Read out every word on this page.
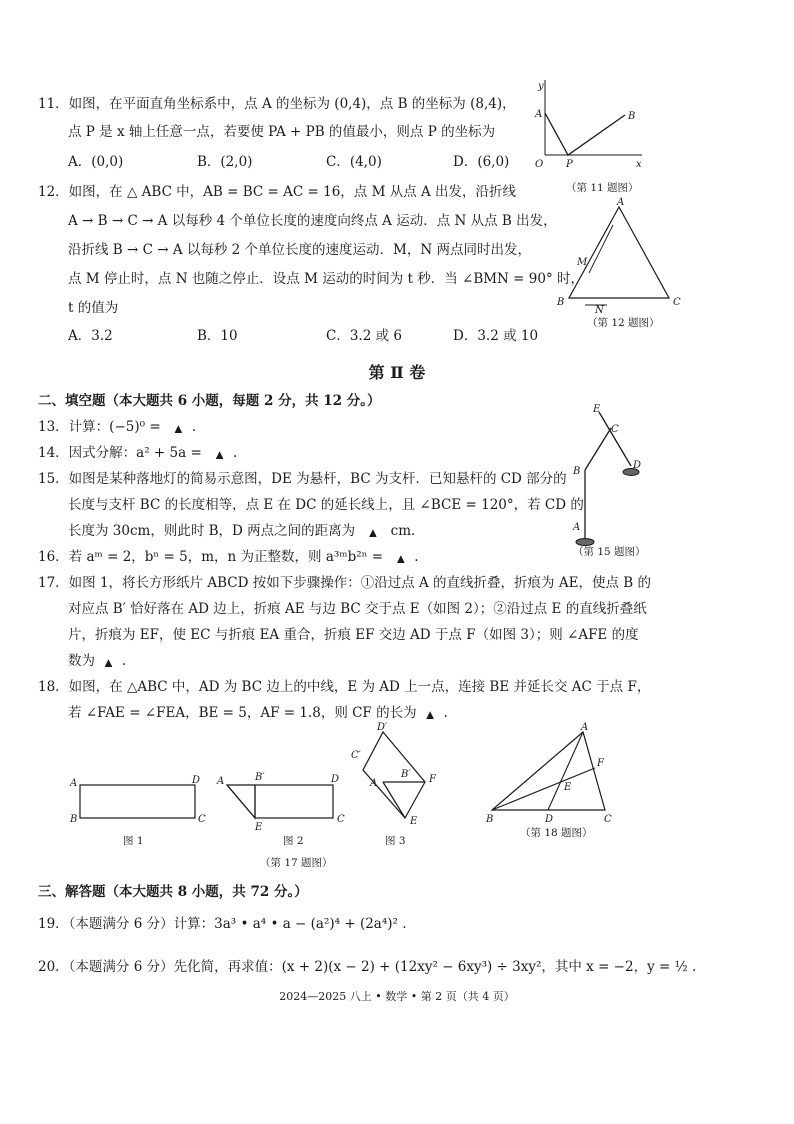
11．如图，在平面直角坐标系中，点 A 的坐标为 (0,4)，点 B 的坐标为 (8,4)，
点 P 是 x 轴上任意一点，若要使 PA + PB 的值最小，则点 P 的坐标为
A．(0,0)	B．(2,0)	C．(4,0)	D．(6,0)
y
A	B
O P	x
（第 11 题图）
12．如图，在 △ ABC 中，AB = BC = AC = 16，点 M 从点 A 出发，沿折线
A → B → C → A 以每秒 4 个单位长度的速度向终点 A 运动．点 N 从点 B 出发，
沿折线 B → C → A 以每秒 2 个单位长度的速度运动．M，N 两点同时出发，
点 M 停止时，点 N 也随之停止．设点 M 运动的时间为 t 秒．当 ∠BMN = 90° 时，
t 的值为
A．3.2	B．10	C．3.2 或 6	D．3.2 或 10
A
M
B
N
C
（第 12 题图）
第 Ⅱ 卷
二、填空题（本大题共 6 小题，每题 2 分，共 12 分。）
13．计算：(−5)⁰ = ▲ .
14．因式分解：a² + 5a = ▲ .
15．如图是某种落地灯的简易示意图，DE 为悬杆，BC 为支杆．已知悬杆的 CD 部分的
长度与支杆 BC 的长度相等，点 E 在 DC 的延长线上，且 ∠BCE = 120°，若 CD 的
长度为 30cm，则此时 B，D 两点之间的距离为 ▲ cm．
E
C
B
D
A
（第 15 题图）
16．若 aᵐ = 2，bⁿ = 5，m，n 为正整数，则 a³ᵐb²ⁿ = ▲ .
17．如图 1，将长方形纸片 ABCD 按如下步骤操作：①沿过点 A 的直线折叠，折痕为 AE，使点 B 的
对应点 B′ 恰好落在 AD 边上，折痕 AE 与边 BC 交于点 E（如图 2）；②沿过点 E 的直线折叠纸
片，折痕为 EF，使 EC 与折痕 EA 重合，折痕 EF 交边 AD 于点 F（如图 3）；则 ∠AFE 的度
数为 ▲ .
18．如图，在 △ABC 中，AD 为 BC 边上的中线，E 为 AD 上一点，连接 BE 并延长交 AC 于点 F，
若 ∠FAE = ∠FEA，BE = 5，AF = 1.8，则 CF 的长为 ▲ .
A	D
B	C
图 1
A	B′	D
E
C
图 2
D′
C′
A
B′ F
E
图 3
（第 17 题图）
A
F
E
B	D	C
（第 18 题图）
三、解答题（本大题共 8 小题，共 72 分。）
19．（本题满分 6 分）计算：3a³ • a⁴ • a − (a²)⁴ + (2a⁴)² .
20．（本题满分 6 分）先化简，再求值：(x + 2)(x − 2) + (12xy² − 6xy³) ÷ 3xy²，其中 x = −2，y = ½ .
2024—2025 八上 • 数学 • 第 2 页（共 4 页）
